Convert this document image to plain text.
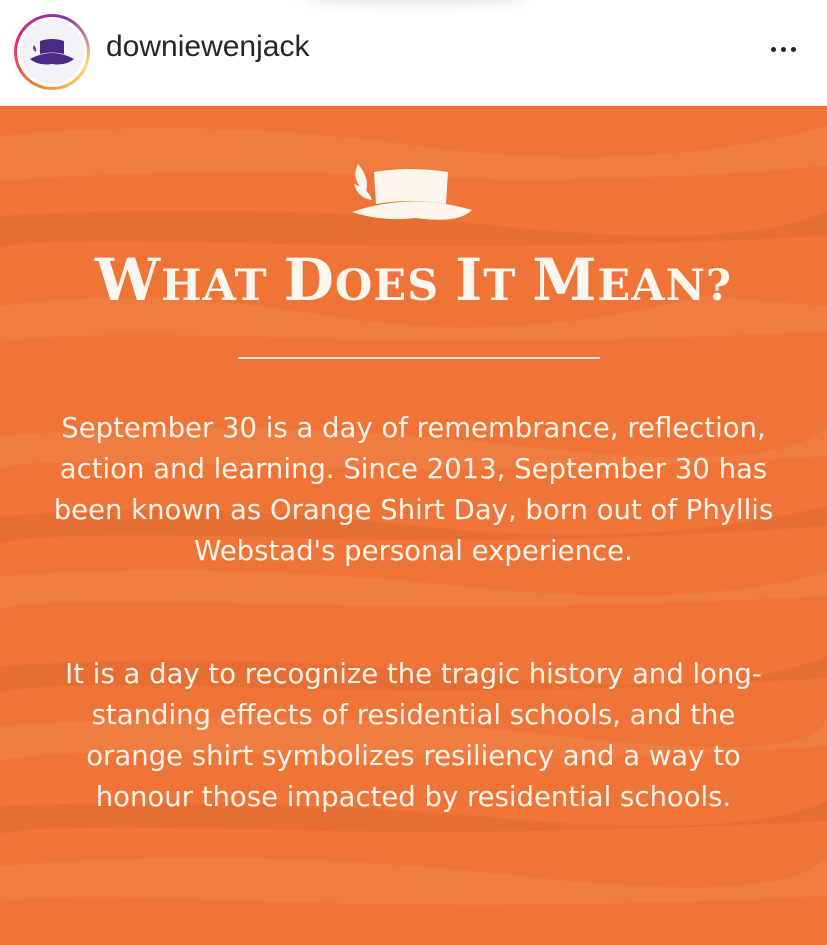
downiewenjack
WHAT DOES IT MEAN?

September 30 is a day of remembrance, reflection, action and learning. Since 2013, September 30 has been known as Orange Shirt Day, born out of Phyllis Webstad's personal experience.

It is a day to recognize the tragic history and long-standing effects of residential schools, and the orange shirt symbolizes resiliency and a way to honour those impacted by residential schools.
